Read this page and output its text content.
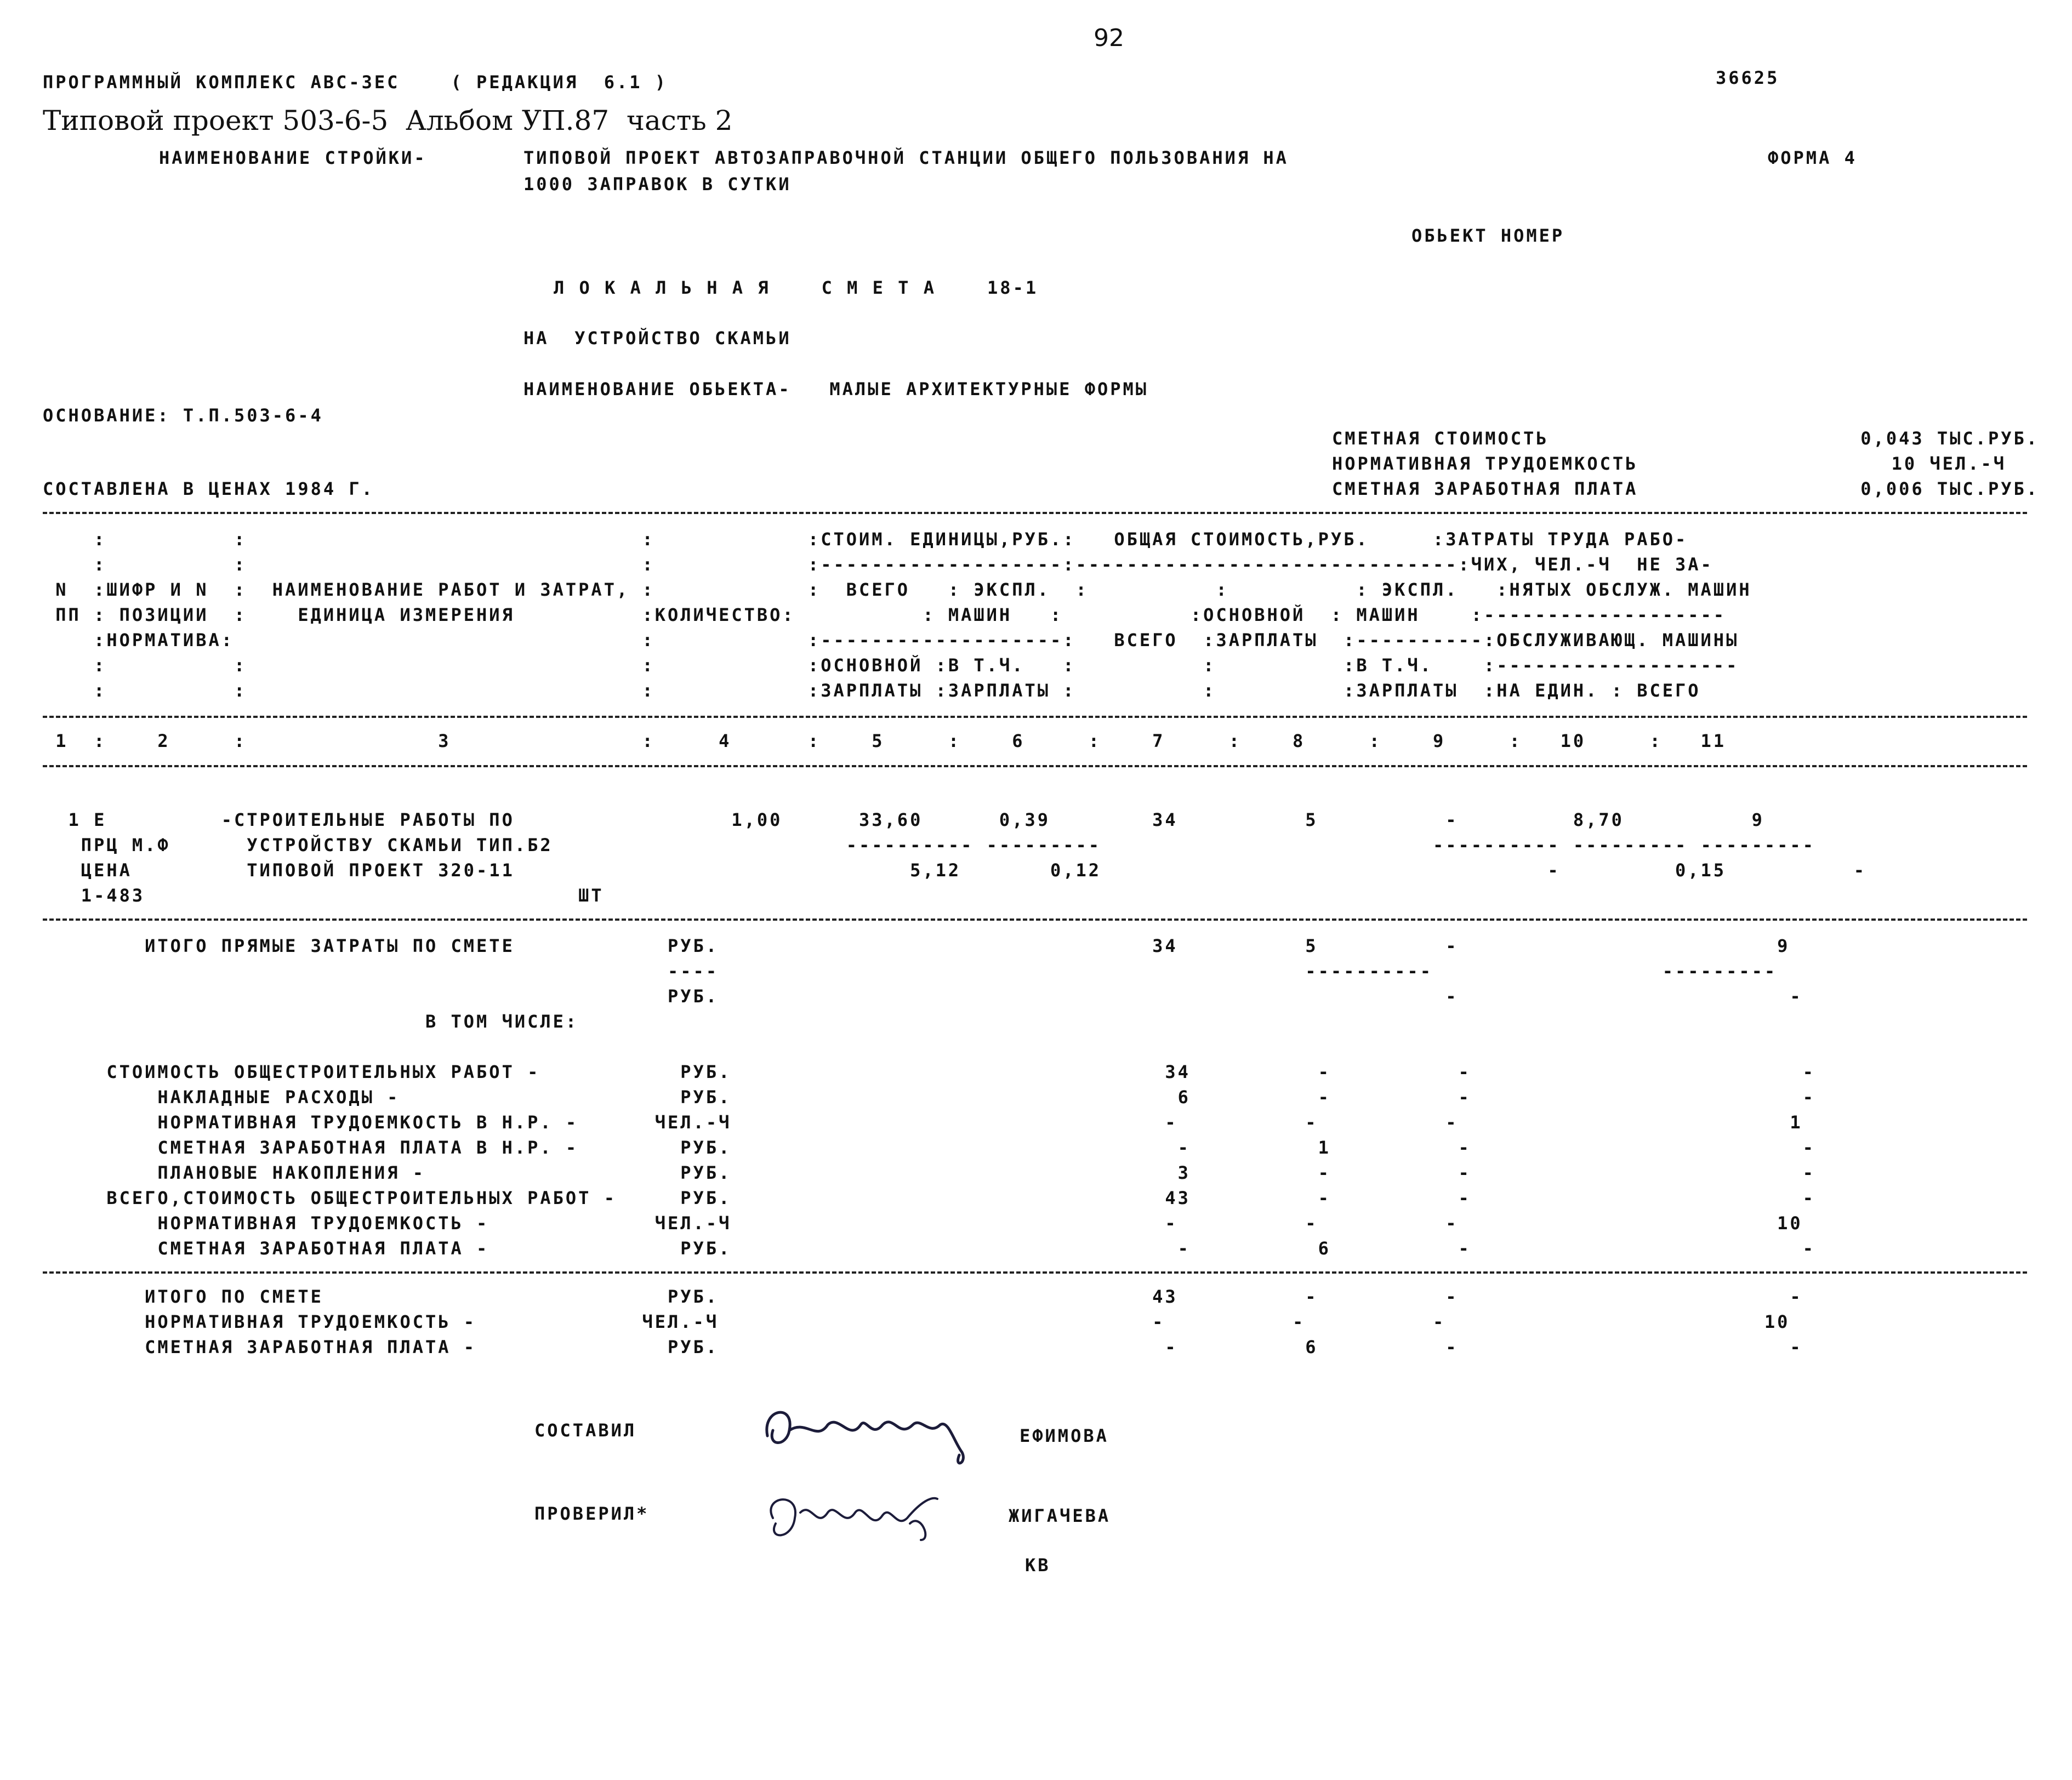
92
36625
ПРОГРАММНЫЙ КОМПЛЕКС АВС-3ЕС    ( РЕДАКЦИЯ  6.1 )
Типовой проект 503-6-5  Альбом УП.87  часть 2
НАИМЕНОВАНИЕ СТРОЙКИ-	ТИПОВОЙ ПРОЕКТ АВТОЗАПРАВОЧНОЙ СТАНЦИИ ОБЩЕГО ПОЛЬЗОВАНИЯ НА
1000 ЗАПРАВОК В СУТКИ
ФОРМА 4
ОБЬЕКТ НОМЕР
Л О К А Л Ь Н А Я    С М Е Т А    18-1
НА  УСТРОЙСТВО СКАМЬИ
НАИМЕНОВАНИЕ ОБЬЕКТА-   МАЛЫЕ АРХИТЕКТУРНЫЕ ФОРМЫ
ОСНОВАНИЕ: Т.П.503-6-4
СМЕТНАЯ СТОИМОСТЬ	0,043 ТЫС.РУБ.
НОРМАТИВНАЯ ТРУДОЕМКОСТЬ	10 ЧЕЛ.-Ч
СМЕТНАЯ ЗАРАБОТНАЯ ПЛАТА	0,006 ТЫС.РУБ.
СОСТАВЛЕНА В ЦЕНАХ 1984 Г.
:          :                               :            :СТОИМ. ЕДИНИЦЫ,РУБ.:   ОБЩАЯ СТОИМОСТЬ,РУБ.     :ЗАТРАТЫ ТРУДА РАБО-
:          :                               :            :-------------------:------------------------------:ЧИХ, ЧЕЛ.-Ч  НЕ ЗА-
N  :ШИФР И N  :  НАИМЕНОВАНИЕ РАБОТ И ЗАТРАТ, :            :  ВСЕГО   : ЭКСПЛ.  :          :          : ЭКСПЛ.   :НЯТЫХ ОБСЛУЖ. МАШИН
ПП : ПОЗИЦИИ  :    ЕДИНИЦА ИЗМЕРЕНИЯ          :КОЛИЧЕСТВО:          : МАШИН   :          :ОСНОВНОЙ  : МАШИН    :-------------------
:НОРМАТИВА:                                :            :-------------------:   ВСЕГО  :ЗАРПЛАТЫ  :----------:ОБСЛУЖИВАЮЩ. МАШИНЫ
:          :                               :            :ОСНОВНОЙ :В Т.Ч.   :          :          :В Т.Ч.    :-------------------
:          :                               :            :ЗАРПЛАТЫ :ЗАРПЛАТЫ :          :          :ЗАРПЛАТЫ  :НА ЕДИН. : ВСЕГО
1  :    2     :               3               :     4      :    5     :    6     :    7     :    8     :    9     :   10     :   11
1 Е         -СТРОИТЕЛЬНЫЕ РАБОТЫ ПО                 1,00      33,60      0,39        34          5          -         8,70          9
ПРЦ М.Ф      УСТРОЙСТВУ СКАМЬИ ТИП.Б2                       ---------- ---------                          ---------- --------- ---------
ЦЕНА         ТИПОВОЙ ПРОЕКТ 320-11                               5,12       0,12                                   -         0,15          -
1-483                                  ШТ
ИТОГО ПРЯМЫЕ ЗАТРАТЫ ПО СМЕТЕ            РУБ.                                  34          5          -                         9
----                                              ----------                  ---------
РУБ.                                                         -                          -
В ТОМ ЧИСЛЕ:
СТОИМОСТЬ ОБЩЕСТРОИТЕЛЬНЫХ РАБОТ -           РУБ.                                  34          -          -                          -
НАКЛАДНЫЕ РАСХОДЫ -                      РУБ.                                   6          -          -                          -
НОРМАТИВНАЯ ТРУДОЕМКОСТЬ В Н.Р. -      ЧЕЛ.-Ч                                  -          -          -                          1
СМЕТНАЯ ЗАРАБОТНАЯ ПЛАТА В Н.Р. -        РУБ.                                   -          1          -                          -
ПЛАНОВЫЕ НАКОПЛЕНИЯ -                    РУБ.                                   3          -          -                          -
ВСЕГО,СТОИМОСТЬ ОБЩЕСТРОИТЕЛЬНЫХ РАБОТ -     РУБ.                                  43          -          -                          -
НОРМАТИВНАЯ ТРУДОЕМКОСТЬ -             ЧЕЛ.-Ч                                  -          -          -                         10
СМЕТНАЯ ЗАРАБОТНАЯ ПЛАТА -               РУБ.                                   -          6          -                          -
ИТОГО ПО СМЕТЕ                           РУБ.                                  43          -          -                          -
НОРМАТИВНАЯ ТРУДОЕМКОСТЬ -             ЧЕЛ.-Ч                                  -          -          -                         10
СМЕТНАЯ ЗАРАБОТНАЯ ПЛАТА -               РУБ.                                   -          6          -                          -
СОСТАВИЛ	ЕФИМОВА
ПРОВЕРИЛ*	ЖИГАЧЕВА
КВ
